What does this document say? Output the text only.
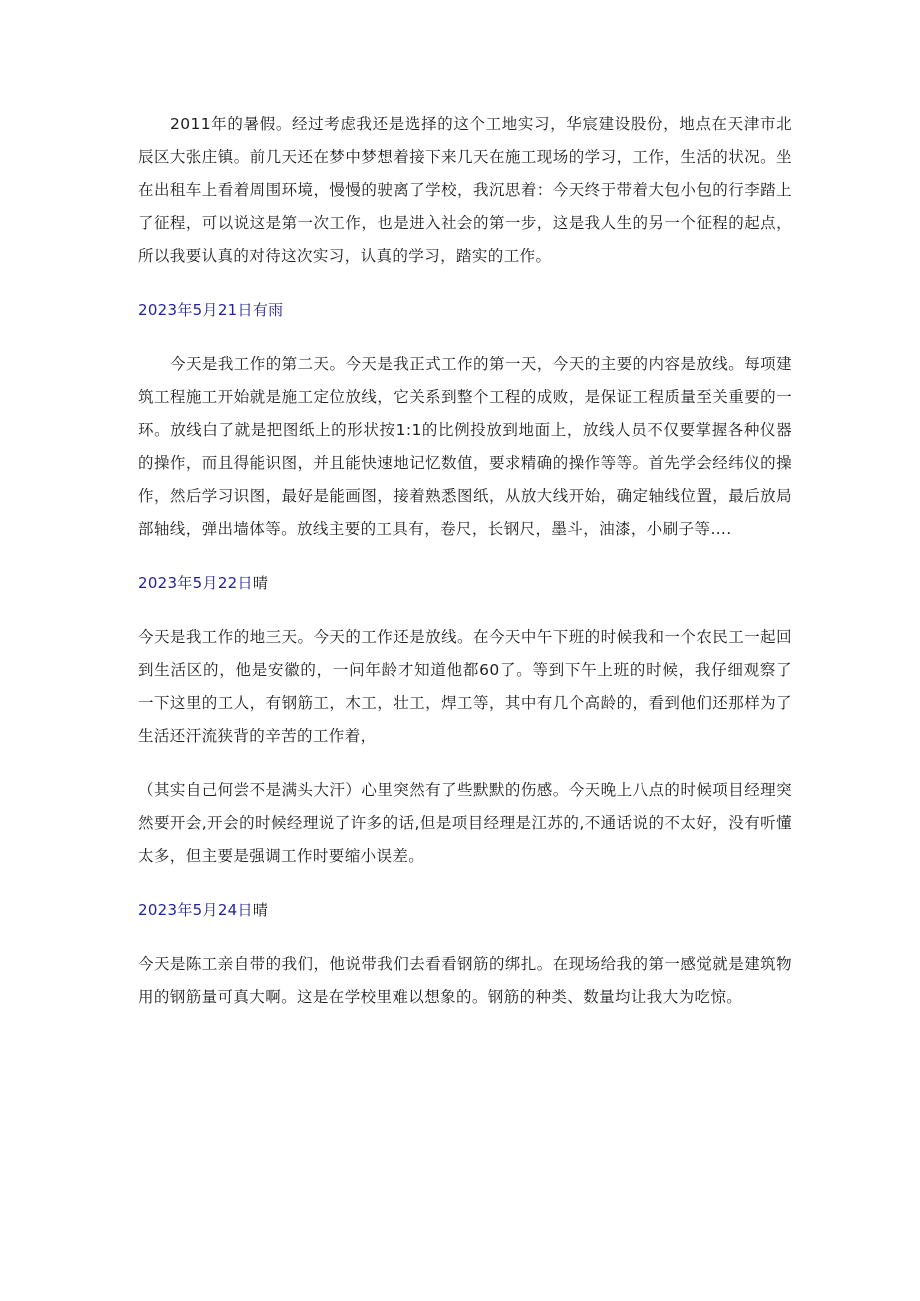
2011年的暑假。经过考虑我还是选择的这个工地实习，华宸建设股份，地点在天津市北辰区大张庄镇。前几天还在梦中梦想着接下来几天在施工现场的学习，工作，生活的状况。坐在出租车上看着周围环境，慢慢的驶离了学校，我沉思着：今天终于带着大包小包的行李踏上了征程，可以说这是第一次工作，也是进入社会的第一步，这是我人生的另一个征程的起点，所以我要认真的对待这次实习，认真的学习，踏实的工作。

2023年5月21日有雨

今天是我工作的第二天。今天是我正式工作的第一天，今天的主要的内容是放线。每项建筑工程施工开始就是施工定位放线，它关系到整个工程的成败，是保证工程质量至关重要的一环。放线白了就是把图纸上的形状按1:1的比例投放到地面上，放线人员不仅要掌握各种仪器的操作，而且得能识图，并且能快速地记忆数值，要求精确的操作等等。首先学会经纬仪的操作，然后学习识图，最好是能画图，接着熟悉图纸，从放大线开始，确定轴线位置，最后放局部轴线，弹出墙体等。放线主要的工具有，卷尺，长钢尺，墨斗，油漆，小刷子等….

2023年5月22日晴

今天是我工作的地三天。今天的工作还是放线。在今天中午下班的时候我和一个农民工一起回到生活区的，他是安徽的，一问年龄才知道他都60了。等到下午上班的时候，我仔细观察了一下这里的工人，有钢筋工，木工，壮工，焊工等，其中有几个高龄的，看到他们还那样为了生活还汗流狭背的辛苦的工作着，

（其实自己何尝不是满头大汗）心里突然有了些默默的伤感。今天晚上八点的时候项目经理突然要开会,开会的时候经理说了许多的话,但是项目经理是江苏的,不通话说的不太好，没有听懂太多，但主要是强调工作时要缩小误差。

2023年5月24日晴

今天是陈工亲自带的我们，他说带我们去看看钢筋的绑扎。在现场给我的第一感觉就是建筑物用的钢筋量可真大啊。这是在学校里难以想象的。钢筋的种类、数量均让我大为吃惊。
